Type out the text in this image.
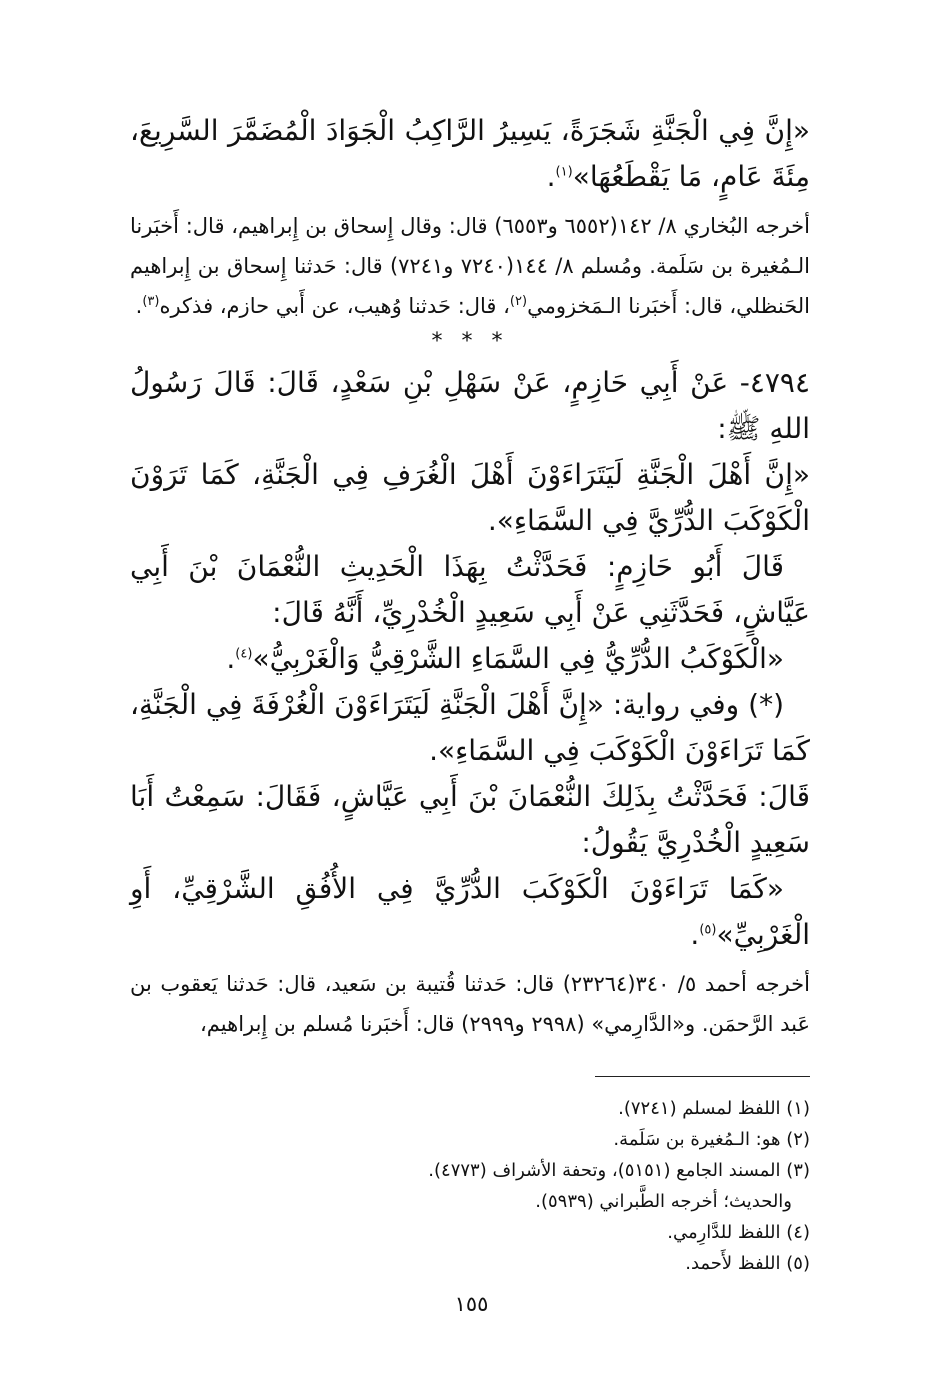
«إِنَّ فِي الْجَنَّةِ شَجَرَةً، يَسِيرُ الرَّاكِبُ الْجَوَادَ الْمُضَمَّرَ السَّرِيعَ، مِئَةَ عَامٍ، مَا يَقْطَعُهَا»$^{(١)}$.

أخرجه البُخاري ٨/ ١٤٢(٦٥٥٢ و٦٥٥٣) قال: وقال إِسحاق بن إِبراهيم، قال: أَخبَرنا الـمُغيرة بن سَلَمة. ومُسلم ٨/ ١٤٤(٧٢٤٠ و٧٢٤١) قال: حَدثنا إِسحاق بن إِبراهيم الحَنظلي، قال: أَخبَرنا الـمَخزومي$^{(٢)}$، قال: حَدثنا وُهيب، عن أَبي حازم، فذكره$^{(٣)}$.

* * *

٤٧٩٤- عَنْ أَبِي حَازِمٍ، عَنْ سَهْلِ بْنِ سَعْدٍ، قَالَ: قَالَ رَسُولُ اللهِ ﷺ:

«إِنَّ أَهْلَ الْجَنَّةِ لَيَتَرَاءَوْنَ أَهْلَ الْغُرَفِ فِي الْجَنَّةِ، كَمَا تَرَوْنَ الْكَوْكَبَ الدُّرِّيَّ فِي السَّمَاءِ».

قَالَ أَبُو حَازِمٍ: فَحَدَّثْتُ بِهَذَا الْحَدِيثِ النُّعْمَانَ بْنَ أَبِي عَيَّاشٍ، فَحَدَّثَنِي عَنْ أَبِي سَعِيدٍ الْخُدْرِيِّ، أَنَّهُ قَالَ:

«الْكَوْكَبُ الدُّرِّيُّ فِي السَّمَاءِ الشَّرْقِيُّ وَالْغَرْبِيُّ»$^{(٤)}$.

(*) وفي رواية: «إِنَّ أَهْلَ الْجَنَّةِ لَيَتَرَاءَوْنَ الْغُرْفَةَ فِي الْجَنَّةِ، كَمَا تَرَاءَوْنَ الْكَوْكَبَ فِي السَّمَاءِ».

قَالَ: فَحَدَّثْتُ بِذَلِكَ النُّعْمَانَ بْنَ أَبِي عَيَّاشٍ، فَقَالَ: سَمِعْتُ أَبَا سَعِيدٍ الْخُدْرِيَّ يَقُولُ:

«كَمَا تَرَاءَوْنَ الْكَوْكَبَ الدُّرِّيَّ فِي الأُفُقِ الشَّرْقِيِّ، أَوِ الْغَرْبِيِّ»$^{(٥)}$.

أخرجه أحمد ٥/ ٣٤٠(٢٣٢٦٤) قال: حَدثنا قُتيبة بن سَعيد، قال: حَدثنا يَعقوب بن عَبد الرَّحمَن. و«الدَّارِمي» (٢٩٩٨ و٢٩٩٩) قال: أَخبَرنا مُسلم بن إِبراهيم،

(١) اللفظ لمسلم (٧٢٤١).

(٢) هو: الـمُغيرة بن سَلَمة.

(٣) المسند الجامع (٥١٥١)، وتحفة الأشراف (٤٧٧٣).

والحديث؛ أخرجه الطَّبراني (٥٩٣٩).

(٤) اللفظ للدَّارِمي.

(٥) اللفظ لأَحمد.

١٥٥
